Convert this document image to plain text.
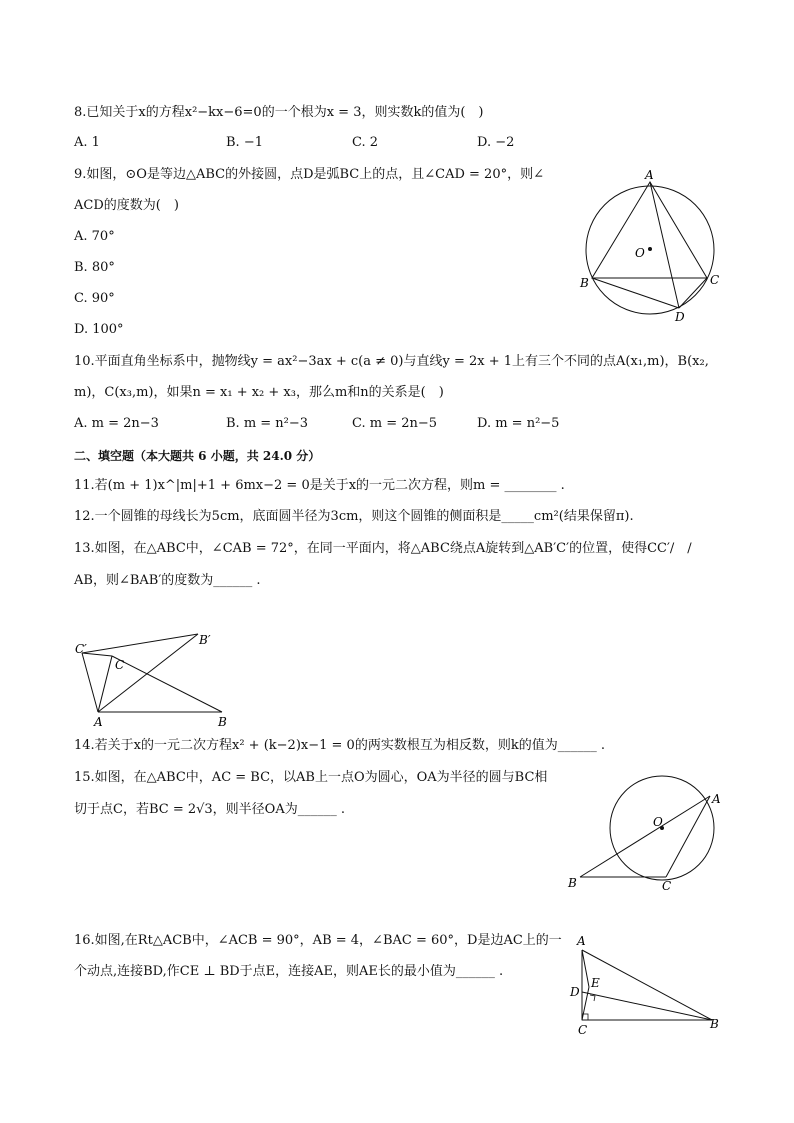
8.已知关于x的方程x²−kx−6=0的一个根为x = 3，则实数k的值为(　)
A. 1	B. −1	C. 2	D. −2
9.如图，⊙O是等边△ABC的外接圆，点D是弧BC上的点，且∠CAD = 20°，则∠
ACD的度数为(　)
A. 70°
B. 80°
C. 90°
D. 100°
A
B	C
D
O
10.平面直角坐标系中，抛物线y = ax²−3ax + c(a ≠ 0)与直线y = 2x + 1上有三个不同的点A(x₁,m)，B(x₂,
m)，C(x₃,m)，如果n = x₁ + x₂ + x₃，那么m和n的关系是(　)
A. m = 2n−3	B. m = n²−3	C. m = 2n−5	D. m = n²−5
二、填空题（本大题共 6 小题，共 24.0 分）
11.若(m + 1)x^|m|+1 + 6mx−2 = 0是关于x的一元二次方程，则m = ________ .
12.一个圆锥的母线长为5cm，底面圆半径为3cm，则这个圆锥的侧面积是_____cm²(结果保留π).
13.如图，在△ABC中，∠CAB = 72°，在同一平面内，将△ABC绕点A旋转到△AB′C′的位置，使得CC′/　/
AB，则∠BAB′的度数为______ .
A	B
C
C′
B′
14.若关于x的一元二次方程x² + (k−2)x−1 = 0的两实数根互为相反数，则k的值为______ .
15.如图，在△ABC中，AC = BC，以AB上一点O为圆心，OA为半径的圆与BC相
切于点C，若BC = 2√3，则半径OA为______ .
A
B	C
O
16.如图,在Rt△ACB中，∠ACB = 90°，AB = 4，∠BAC = 60°，D是边AC上的一
个动点,连接BD,作CE ⊥ BD于点E，连接AE，则AE长的最小值为______ .
A
B
C
D
E
